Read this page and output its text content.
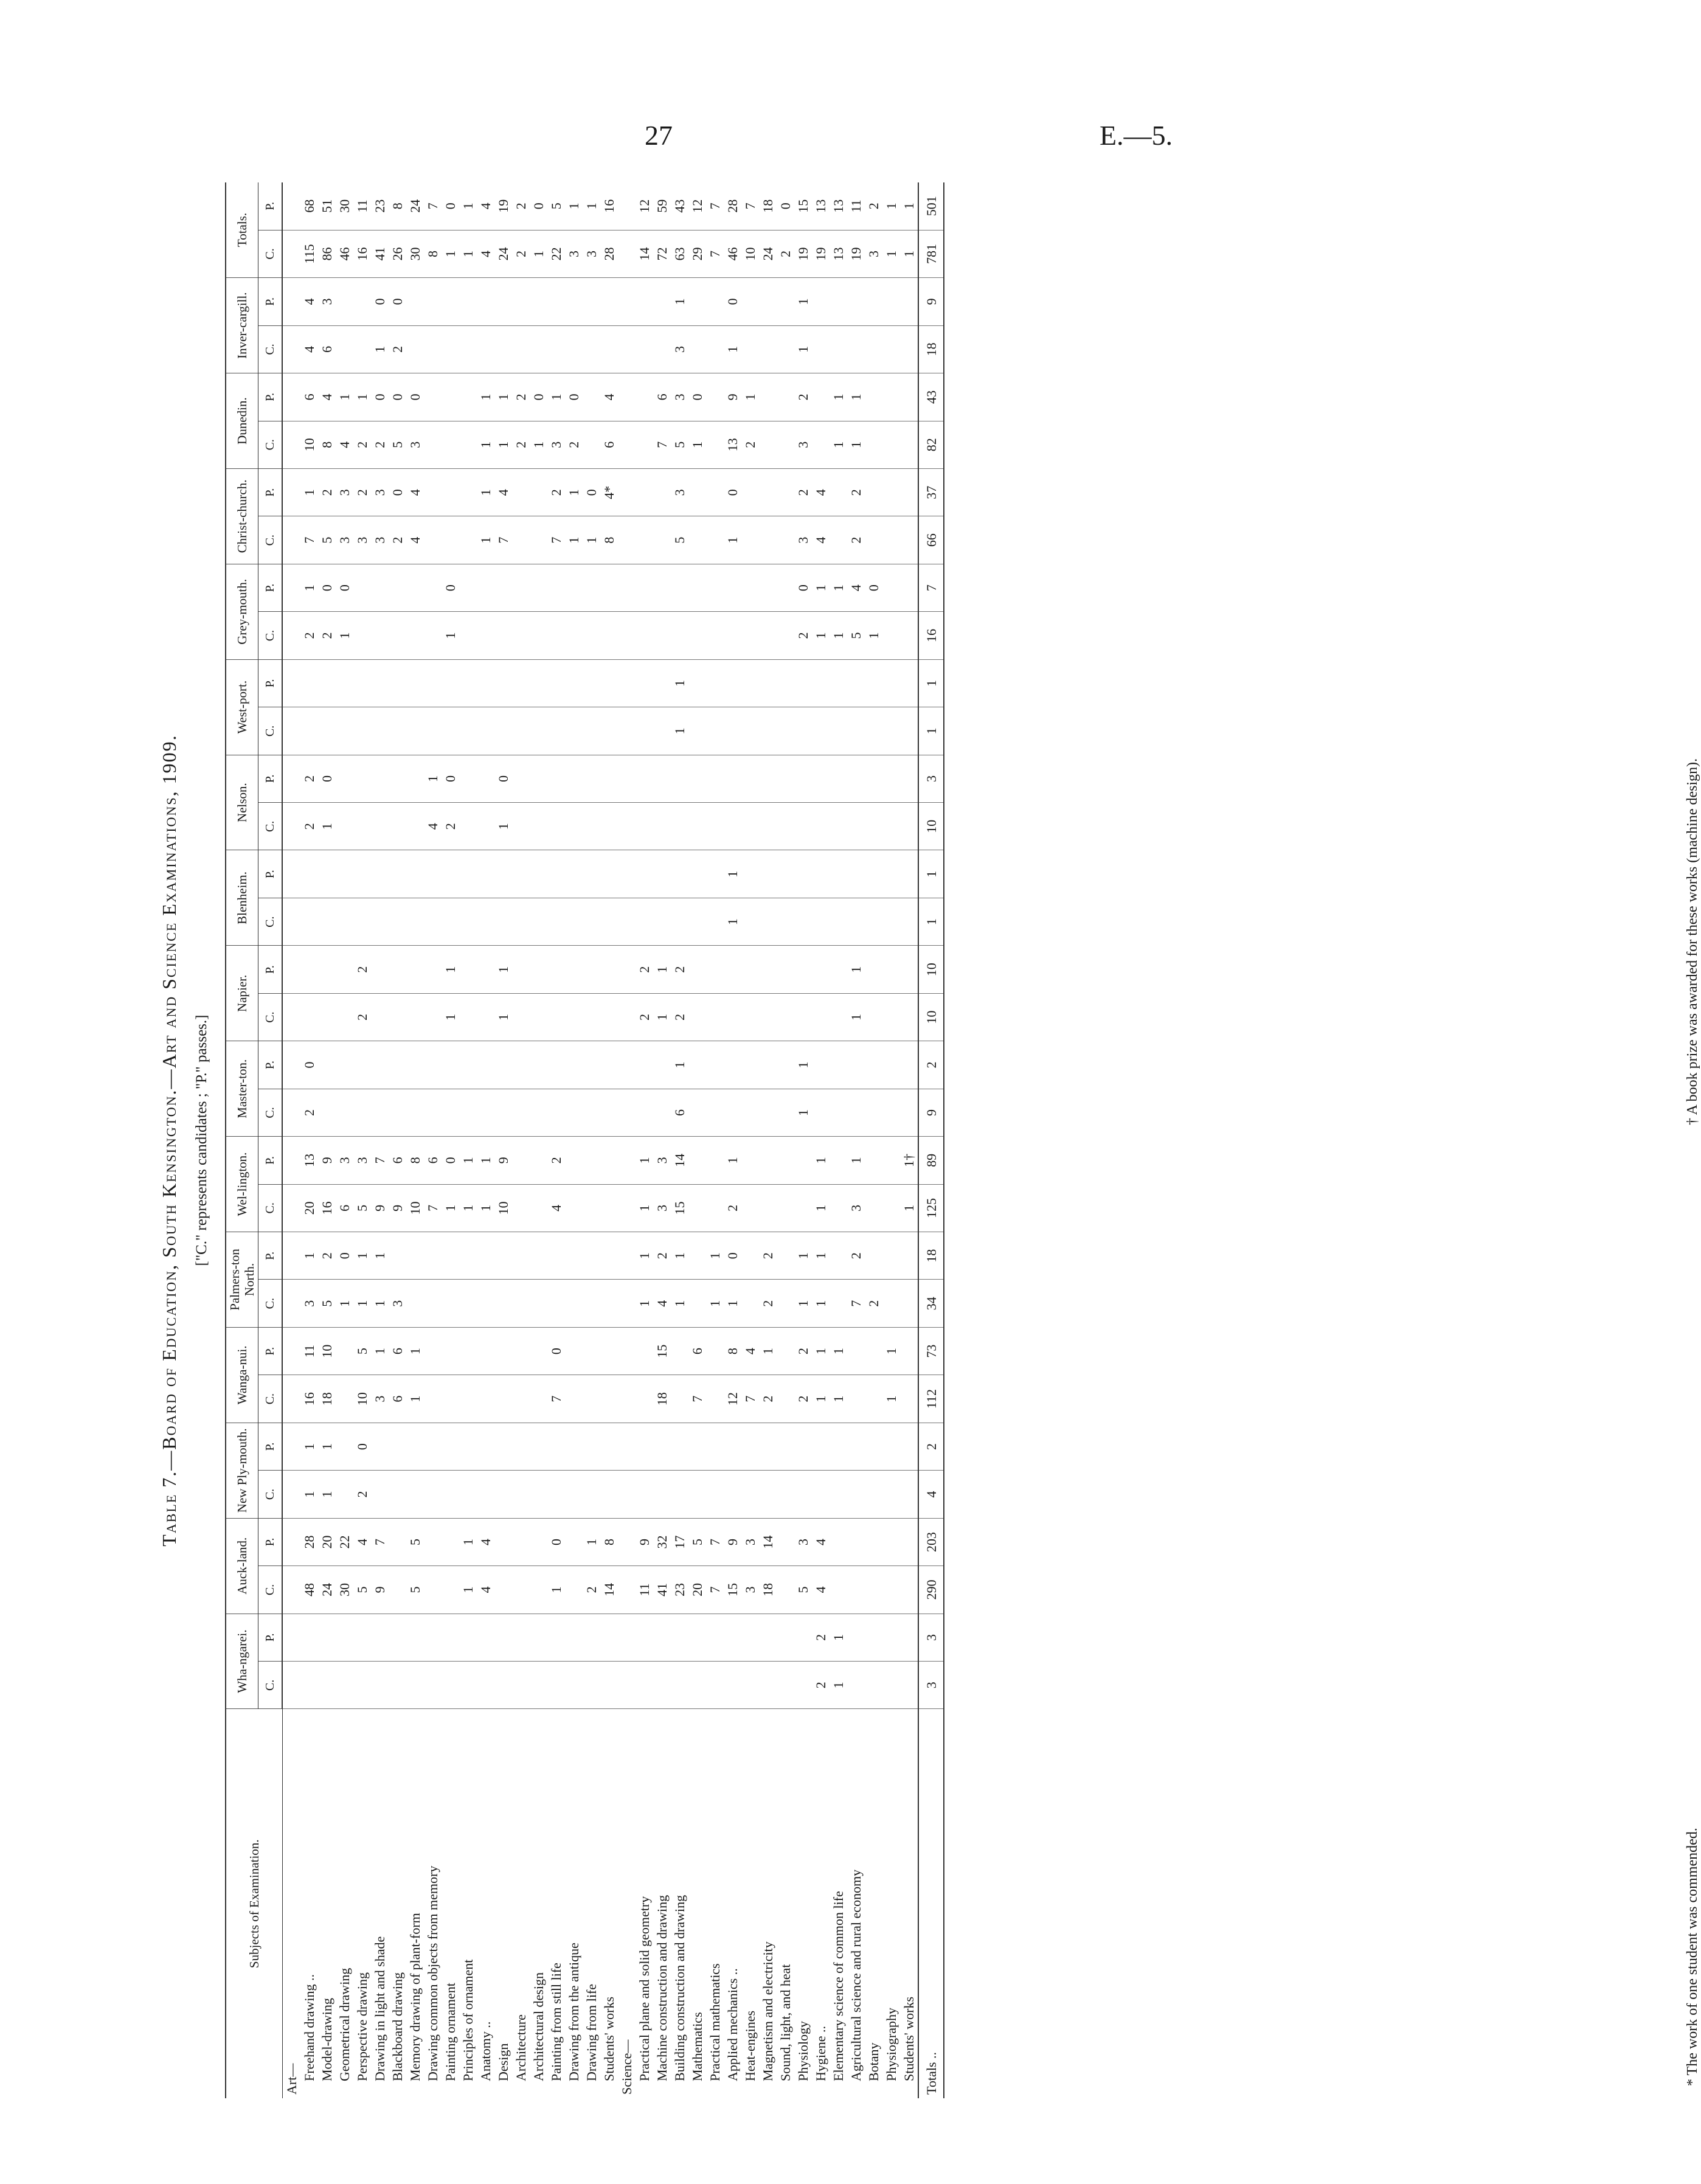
27	E.—5.
Table 7.—Board of Education, South Kensington.—Art and Science Examinations, 1909. ["C." represents candidates ; "P." passes.]
Subjects of Examination.	Wha-ngarei.		Auck-land.		New Ply-mouth.		Wanga-nui.		Palmers-ton North.		Wel-lington.		Master-ton.		Napier.		Blenheim.		Nelson.		West-port.		Grey-mouth.		Christ-church.		Dunedin.		Inver-cargill.		Totals.	
	C.	P.	C.	P.	C.	P.	C.	P.	C.	P.	C.	P.	C.	P.	C.	P.	C.	P.	C.	P.	C.	P.	C.	P.	C.	P.	C.	P.	C.	P.	C.	P.
Art—																																
Freehand drawing ..			48	28	1	1	16	11	3	1	20	13	2	0					2	2			2	1	7	1	10	6	4	4	115	68
Model-drawing			24	20	1	1	18	10	5	2	16	9							1	0			2	0	5	2	8	4	6	3	86	51
Geometrical drawing			30	22					1	0	6	3											1	0	3	3	4	1			46	30
Perspective drawing			5	4	2	0	10	5	1	1	5	3			2	2									3	2	2	1			16	11
Drawing in light and shade			9	7			3	1	1	1	9	7													3	3	2	0	1	0	41	23
Blackboard drawing							6	6	3		9	6													2	0	5	0	2	0	26	8
Memory drawing of plant-form			5	5			1	1			10	8													4	4	3	0			30	24
Drawing common objects from memory											7	6							4	1											8	7
Painting ornament											1	0			1	1			2	0			1	0							1	0
Principles of ornament			1	1							1	1																			1	1
Anatomy ..			4	4							1	1													1	1	1	1			4	4
Design											10	9			1	1			1	0					7	4	1	1			24	19
Architecture																											2	2			2	2
Architectural design																											1	0			1	0
Painting from still life			1	0			7	0			4	2													7	2	3	1			22	5
Drawing from the antique																									1	1	2	0			3	1
Drawing from life			2	1																					1	0					3	1
Students' works			14	8																					8	4*	6	4			28	16
Science—																																
Practical plane and solid geometry			11	9					1	1	1	1			2	2															14	12
Machine construction and drawing			41	32			18	15	4	2	3	3			1	1											7	6			72	59
Building construction and drawing			23	17					1	1	15	14	6	1	2	2					1	1			5	3	5	3	3	1	63	43
Mathematics			20	5			7	6																			1	0			29	12
Practical mathematics			7	7					1	1																					7	7
Applied mechanics ..			15	9			12	8	1	0	2	1					1	1							1	0	13	9	1	0	46	28
Heat-engines			3	3			7	4																			2	1			10	7
Magnetism and electricity			18	14			2	1	2	2																					24	18
Sound, light, and heat																															2	0
Physiology			5	3			2	2	1	1			1	1									2	0	3	2	3	2	1	1	19	15
Hygiene ..	2	2	4	4			1	1	1	1	1	1											1	1	4	4					19	13
Elementary science of common life	1	1					1	1															1	1			1	1			13	13
Agricultural science and rural economy									7	2	3	1			1	1							5	4	2	2	1	1			19	11
Botany									2														1	0							3	2
Physiography							1	1																							1	1
Students' works											1	1†																			1	1
Totals ..	3	3	290	203	4	2	112	73	34	18	125	89	9	2	10	10	1	1	10	3	1	1	16	7	66	37	82	43	18	9	781	501
* The work of one student was commended.
† A book prize was awarded for these works (machine design).
